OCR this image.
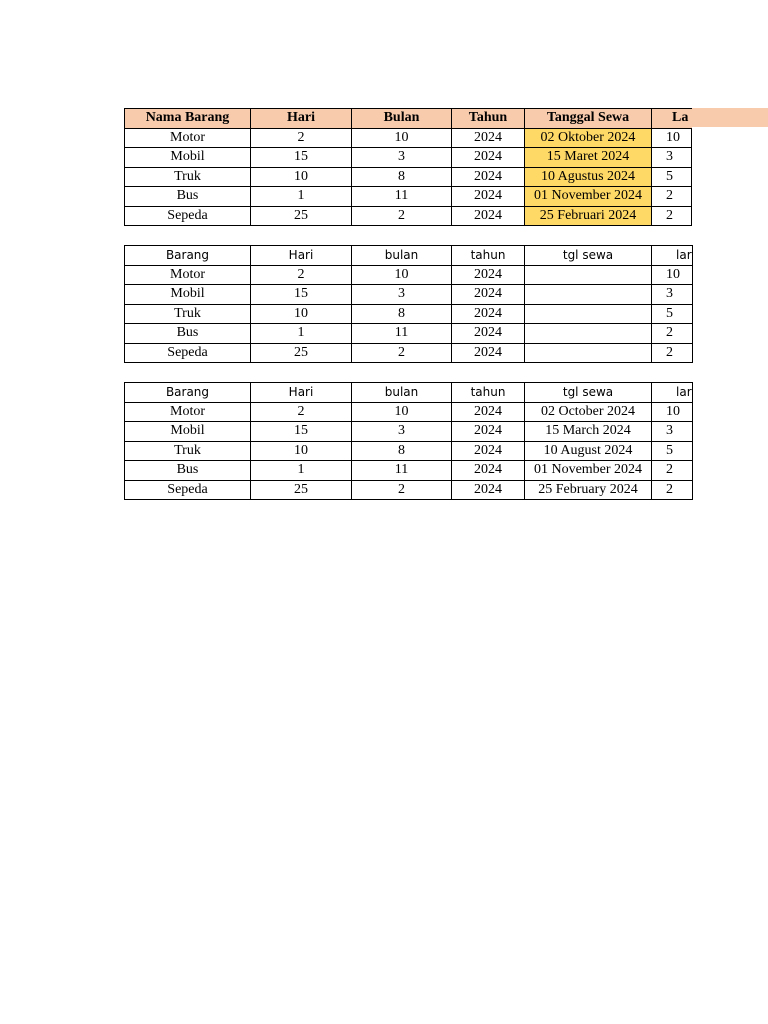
Nama Barang	Hari	Bulan	Tahun	Tanggal Sewa	La
Motor	2	10	2024	02 Oktober 2024	10
Mobil	15	3	2024	15 Maret 2024	3
Truk	10	8	2024	10 Agustus 2024	5
Bus	1	11	2024	01 November 2024	2
Sepeda	25	2	2024	25 Februari 2024	2
Barang	Hari	bulan	tahun	tgl sewa	lar
Motor	2	10	2024		10
Mobil	15	3	2024		3
Truk	10	8	2024		5
Bus	1	11	2024		2
Sepeda	25	2	2024		2
Barang	Hari	bulan	tahun	tgl sewa	lar
Motor	2	10	2024	02 October 2024	10
Mobil	15	3	2024	15 March 2024	3
Truk	10	8	2024	10 August 2024	5
Bus	1	11	2024	01 November 2024	2
Sepeda	25	2	2024	25 February 2024	2
